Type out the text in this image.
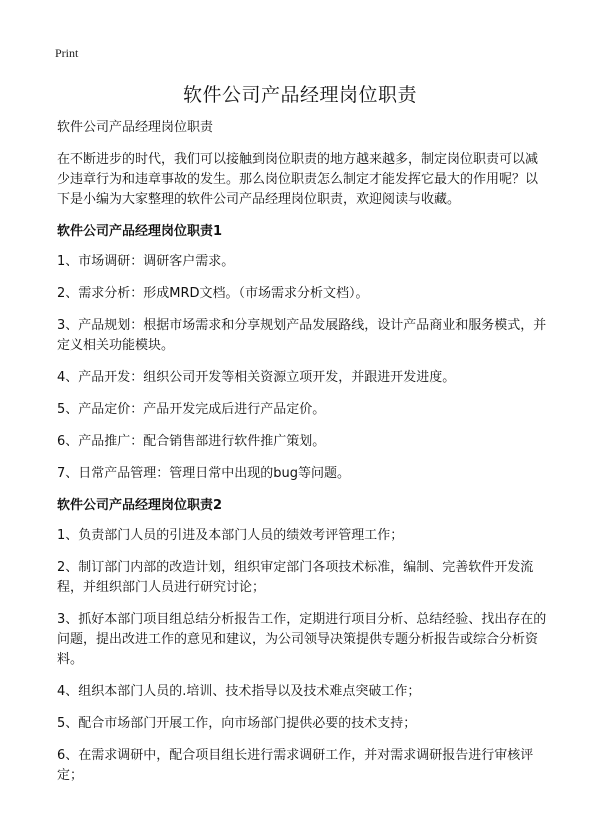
Print
软件公司产品经理岗位职责

软件公司产品经理岗位职责

在不断进步的时代，我们可以接触到岗位职责的地方越来越多，制定岗位职责可以减少违章行为和违章事故的发生。那么岗位职责怎么制定才能发挥它最大的作用呢？以下是小编为大家整理的软件公司产品经理岗位职责，欢迎阅读与收藏。

软件公司产品经理岗位职责1

1、市场调研：调研客户需求。

2、需求分析：形成MRD文档。（市场需求分析文档）。

3、产品规划：根据市场需求和分享规划产品发展路线，设计产品商业和服务模式，并定义相关功能模块。

4、产品开发：组织公司开发等相关资源立项开发，并跟进开发进度。

5、产品定价：产品开发完成后进行产品定价。

6、产品推广：配合销售部进行软件推广策划。

7、日常产品管理：管理日常中出现的bug等问题。

软件公司产品经理岗位职责2

1、负责部门人员的引进及本部门人员的绩效考评管理工作；

2、制订部门内部的改造计划，组织审定部门各项技术标准，编制、完善软件开发流程，并组织部门人员进行研究讨论；

3、抓好本部门项目组总结分析报告工作，定期进行项目分析、总结经验、找出存在的问题，提出改进工作的意见和建议，为公司领导决策提供专题分析报告或综合分析资料。

4、组织本部门人员的.培训、技术指导以及技术难点突破工作；

5、配合市场部门开展工作，向市场部门提供必要的技术支持；

6、在需求调研中，配合项目组长进行需求调研工作，并对需求调研报告进行审核评定；
